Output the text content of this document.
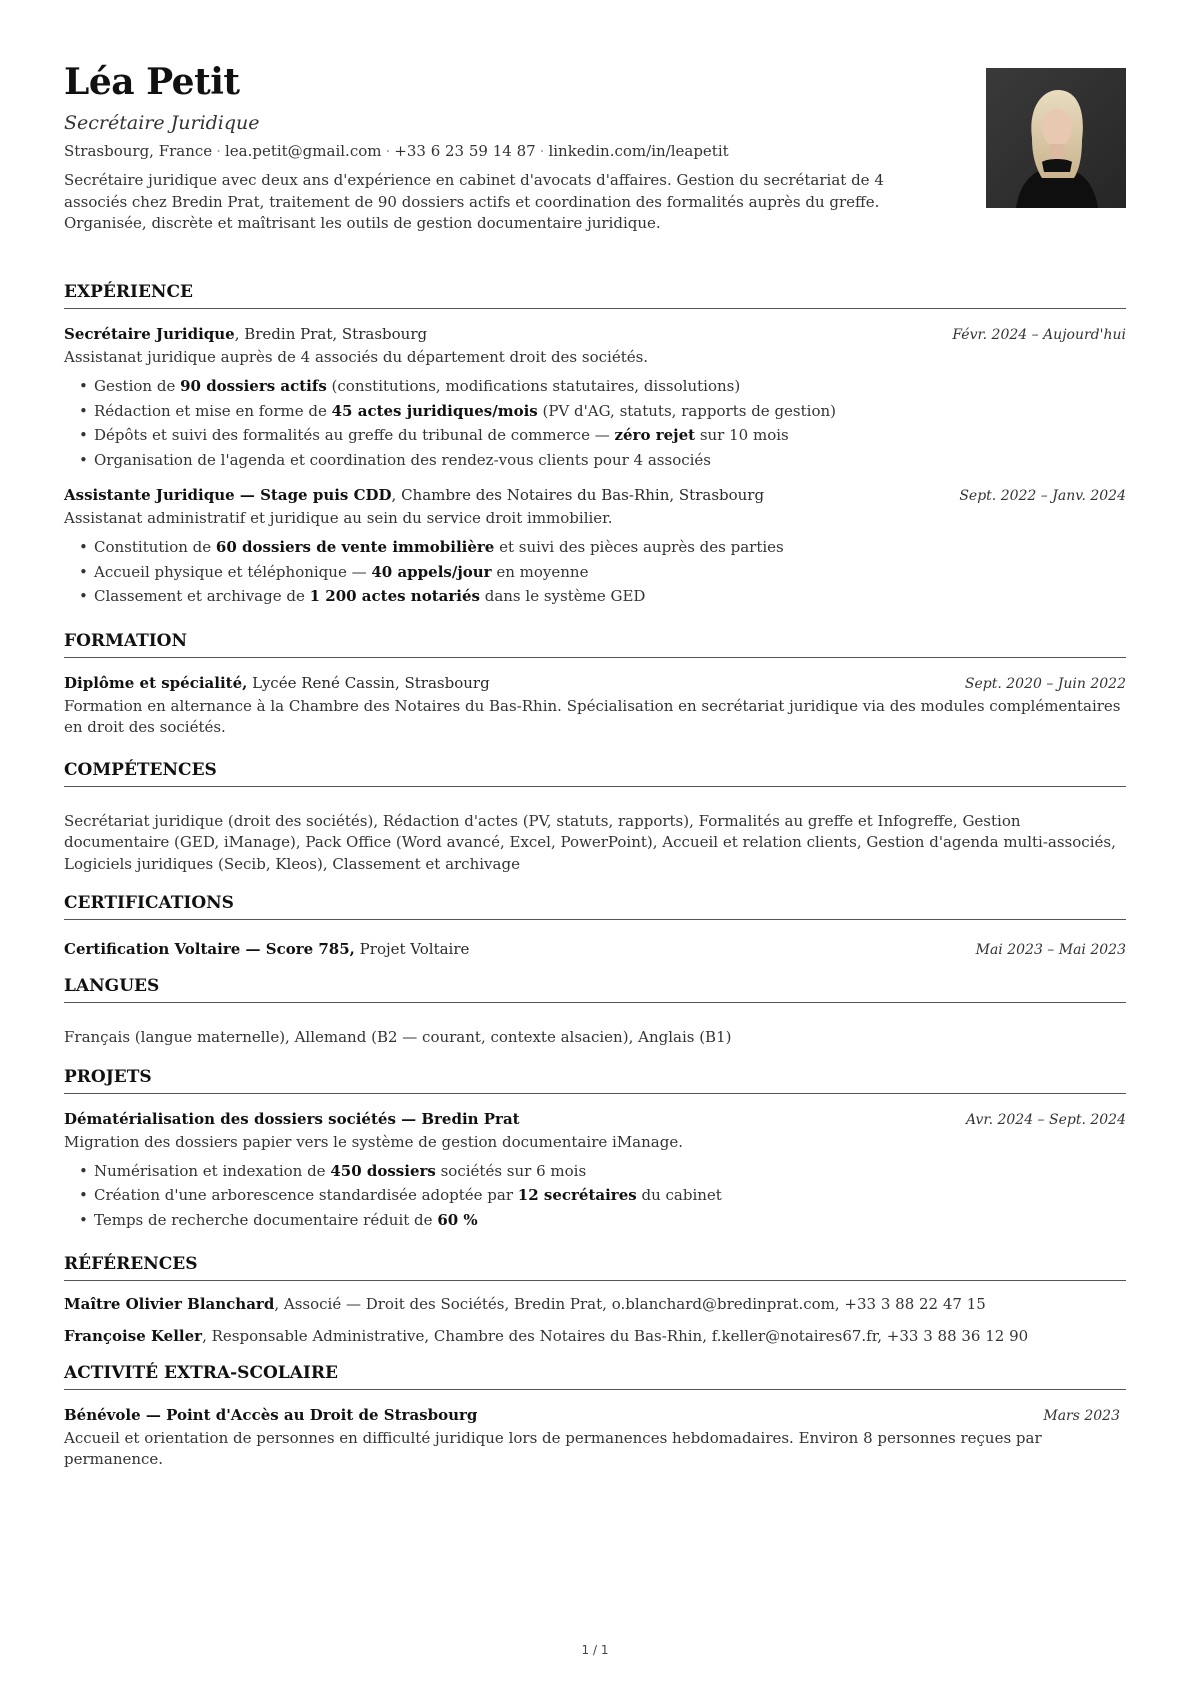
Léa Petit
Secrétaire Juridique
Strasbourg, France · lea.petit@gmail.com · +33 6 23 59 14 87 · linkedin.com/in/leapetit
Secrétaire juridique avec deux ans d'expérience en cabinet d'avocats d'affaires. Gestion du secrétariat de 4 associés chez Bredin Prat, traitement de 90 dossiers actifs et coordination des formalités auprès du greffe. Organisée, discrète et maîtrisant les outils de gestion documentaire juridique.
EXPÉRIENCE
Secrétaire Juridique, Bredin Prat, Strasbourg	Févr. 2024 – Aujourd'hui
Assistanat juridique auprès de 4 associés du département droit des sociétés.
• Gestion de 90 dossiers actifs (constitutions, modifications statutaires, dissolutions)
• Rédaction et mise en forme de 45 actes juridiques/mois (PV d'AG, statuts, rapports de gestion)
• Dépôts et suivi des formalités au greffe du tribunal de commerce — zéro rejet sur 10 mois
• Organisation de l'agenda et coordination des rendez-vous clients pour 4 associés
Assistante Juridique — Stage puis CDD, Chambre des Notaires du Bas-Rhin, Strasbourg	Sept. 2022 – Janv. 2024
Assistanat administratif et juridique au sein du service droit immobilier.
• Constitution de 60 dossiers de vente immobilière et suivi des pièces auprès des parties
• Accueil physique et téléphonique — 40 appels/jour en moyenne
• Classement et archivage de 1 200 actes notariés dans le système GED
FORMATION
Diplôme et spécialité, Lycée René Cassin, Strasbourg	Sept. 2020 – Juin 2022
Formation en alternance à la Chambre des Notaires du Bas-Rhin. Spécialisation en secrétariat juridique via des modules complémentaires en droit des sociétés.
COMPÉTENCES
Secrétariat juridique (droit des sociétés), Rédaction d'actes (PV, statuts, rapports), Formalités au greffe et Infogreffe, Gestion documentaire (GED, iManage), Pack Office (Word avancé, Excel, PowerPoint), Accueil et relation clients, Gestion d'agenda multi-associés, Logiciels juridiques (Secib, Kleos), Classement et archivage
CERTIFICATIONS
Certification Voltaire — Score 785, Projet Voltaire	Mai 2023 – Mai 2023
LANGUES
Français (langue maternelle), Allemand (B2 — courant, contexte alsacien), Anglais (B1)
PROJETS
Dématérialisation des dossiers sociétés — Bredin Prat	Avr. 2024 – Sept. 2024
Migration des dossiers papier vers le système de gestion documentaire iManage.
• Numérisation et indexation de 450 dossiers sociétés sur 6 mois
• Création d'une arborescence standardisée adoptée par 12 secrétaires du cabinet
• Temps de recherche documentaire réduit de 60 %
RÉFÉRENCES
Maître Olivier Blanchard, Associé — Droit des Sociétés, Bredin Prat, o.blanchard@bredinprat.com, +33 3 88 22 47 15
Françoise Keller, Responsable Administrative, Chambre des Notaires du Bas-Rhin, f.keller@notaires67.fr, +33 3 88 36 12 90
ACTIVITÉ EXTRA-SCOLAIRE
Bénévole — Point d'Accès au Droit de Strasbourg	Mars 2023
Accueil et orientation de personnes en difficulté juridique lors de permanences hebdomadaires. Environ 8 personnes reçues par permanence.
1 / 1
